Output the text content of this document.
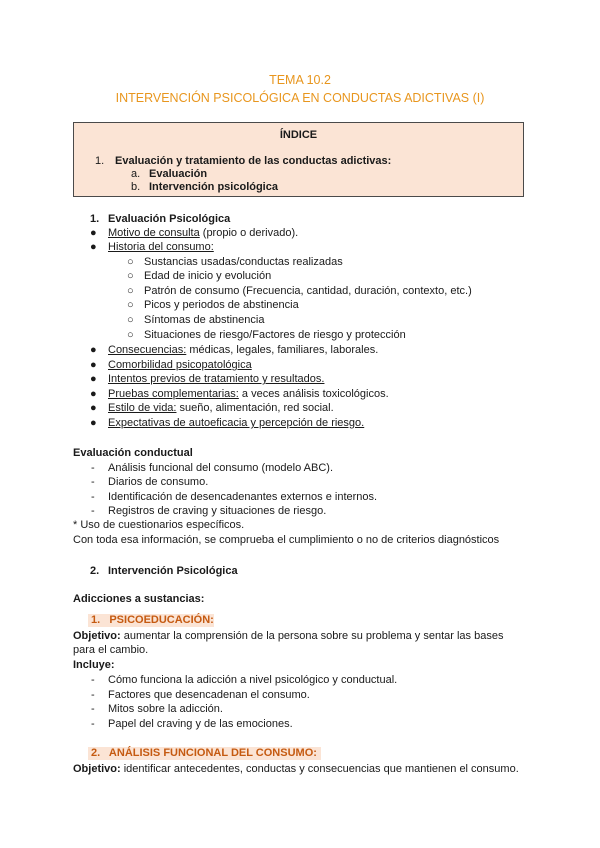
TEMA 10.2
INTERVENCIÓN PSICOLÓGICA EN CONDUCTAS ADICTIVAS (I)
ÍNDICE
1. Evaluación y tratamiento de las conductas adictivas:
a. Evaluación
b. Intervención psicológica
1. Evaluación Psicológica
● Motivo de consulta (propio o derivado).
● Historia del consumo:
○ Sustancias usadas/conductas realizadas
○ Edad de inicio y evolución
○ Patrón de consumo (Frecuencia, cantidad, duración, contexto, etc.)
○ Picos y periodos de abstinencia
○ Síntomas de abstinencia
○ Situaciones de riesgo/Factores de riesgo y protección
● Consecuencias: médicas, legales, familiares, laborales.
● Comorbilidad psicopatológica
● Intentos previos de tratamiento y resultados.
● Pruebas complementarias: a veces análisis toxicológicos.
● Estilo de vida: sueño, alimentación, red social.
● Expectativas de autoeficacia y percepción de riesgo.
Evaluación conductual
- Análisis funcional del consumo (modelo ABC).
- Diarios de consumo.
- Identificación de desencadenantes externos e internos.
- Registros de craving y situaciones de riesgo.
* Uso de cuestionarios específicos.
Con toda esa información, se comprueba el cumplimiento o no de criterios diagnósticos
2. Intervención Psicológica
Adicciones a sustancias:
1.   PSICOEDUCACIÓN:
Objetivo: aumentar la comprensión de la persona sobre su problema y sentar las bases
para el cambio.
Incluye:
- Cómo funciona la adicción a nivel psicológico y conductual.
- Factores que desencadenan el consumo.
- Mitos sobre la adicción.
- Papel del craving y de las emociones.
2.   ANÁLISIS FUNCIONAL DEL CONSUMO:
Objetivo: identificar antecedentes, conductas y consecuencias que mantienen el consumo.
